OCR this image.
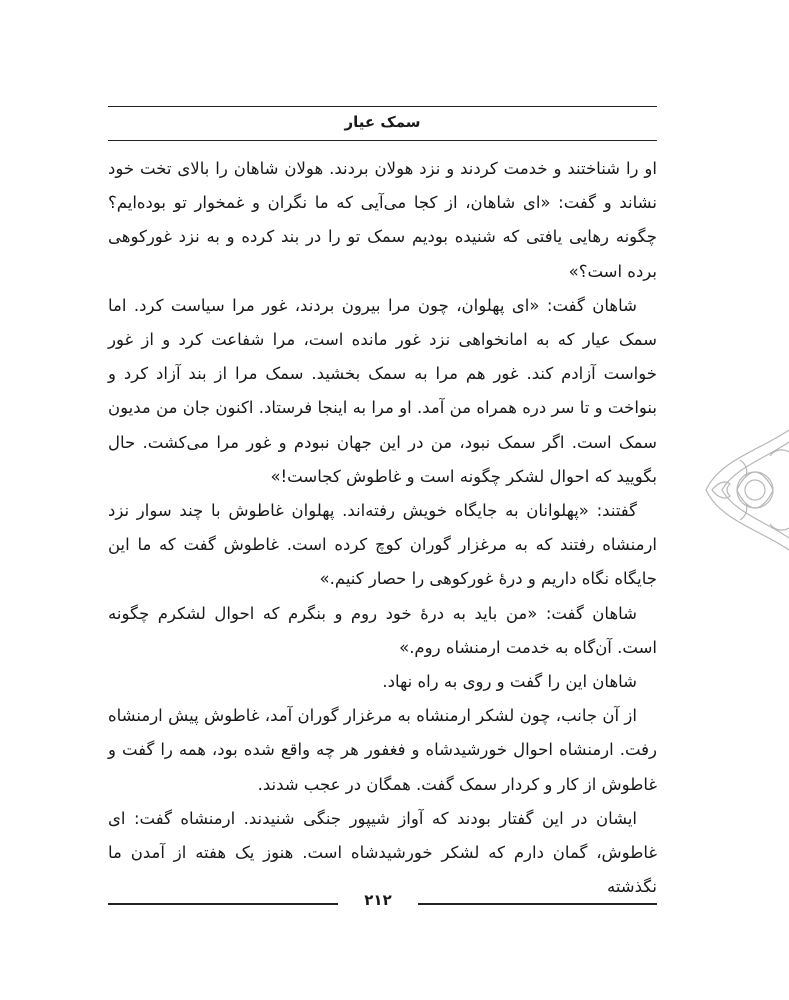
سمک عیار

او را شناختند و خدمت کردند و نزد هولان بردند. هولان شاهان را بالای تخت خود نشاند و گفت: «ای شاهان، از کجا می‌آیی که ما نگران و غمخوار تو بوده‌ایم؟ چگونه رهایی یافتی که شنیده بودیم سمک تو را در بند کرده و به نزد غورکوهی برده است؟»

شاهان گفت: «ای پهلوان، چون مرا بیرون بردند، غور مرا سیاست کرد. اما سمک عیار که به امانخواهی نزد غور مانده است، مرا شفاعت کرد و از غور خواست آزادم کند. غور هم مرا به سمک بخشید. سمک مرا از بند آزاد کرد و بنواخت و تا سر دره همراه من آمد. او مرا به اینجا فرستاد. اکنون جان من مدیون سمک است. اگر سمک نبود، من در این جهان نبودم و غور مرا می‌کشت. حال بگویید که احوال لشکر چگونه است و غاطوش کجاست!»

گفتند: «پهلوانان به جایگاه خویش رفته‌اند. پهلوان غاطوش با چند سوار نزد ارمنشاه رفتند که به مرغزار گوران کوچ کرده است. غاطوش گفت که ما این جایگاه نگاه داریم و درهٔ غورکوهی را حصار کنیم.»

شاهان گفت: «من باید به درهٔ خود روم و بنگرم که احوال لشکرم چگونه است. آن‌گاه به خدمت ارمنشاه روم.»

شاهان این را گفت و روی به راه نهاد.

از آن جانب، چون لشکر ارمنشاه به مرغزار گوران آمد، غاطوش پیش ارمنشاه رفت. ارمنشاه احوال خورشیدشاه و فغفور هر چه واقع شده بود، همه را گفت و غاطوش از کار و کردار سمک گفت. همگان در عجب شدند.

ایشان در این گفتار بودند که آواز شیپور جنگی شنیدند. ارمنشاه گفت: ای غاطوش، گمان دارم که لشکر خورشیدشاه است. هنوز یک هفته از آمدن ما نگذشته

۲۱۲
